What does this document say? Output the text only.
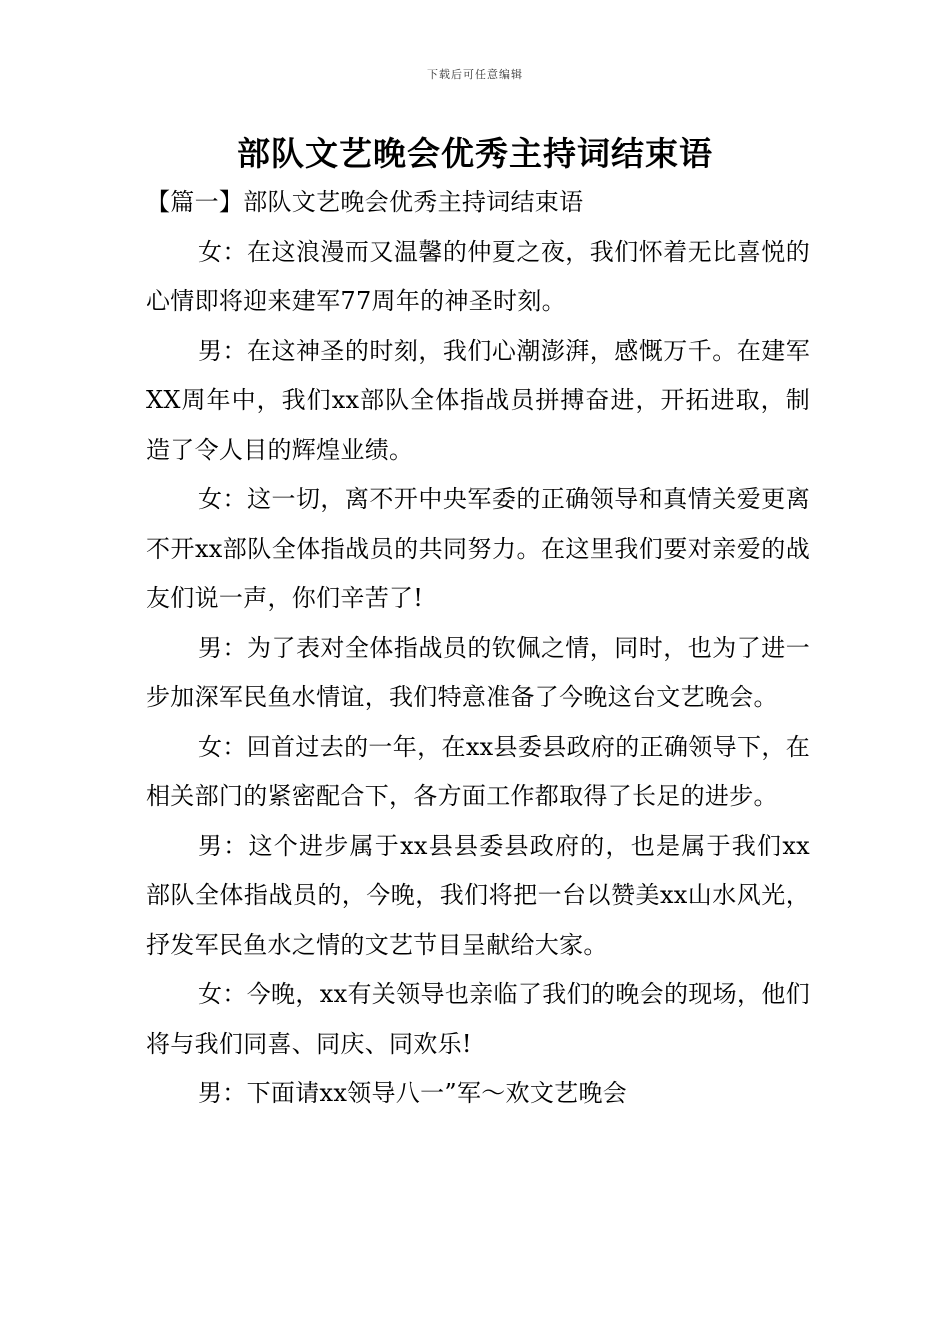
下载后可任意编辑
部队文艺晚会优秀主持词结束语

【篇一】部队文艺晚会优秀主持词结束语

女：在这浪漫而又温馨的仲夏之夜，我们怀着无比喜悦的心情即将迎来建军77周年的神圣时刻。

男：在这神圣的时刻，我们心潮澎湃，感慨万千。在建军XX周年中，我们xx部队全体指战员拼搏奋进，开拓进取，制造了令人目的辉煌业绩。

女：这一切，离不开中央军委的正确领导和真情关爱更离不开xx部队全体指战员的共同努力。在这里我们要对亲爱的战友们说一声，你们辛苦了!

男：为了表对全体指战员的钦佩之情，同时，也为了进一步加深军民鱼水情谊，我们特意准备了今晚这台文艺晚会。

女：回首过去的一年，在xx县委县政府的正确领导下，在相关部门的紧密配合下，各方面工作都取得了长足的进步。

男：这个进步属于xx县县委县政府的，也是属于我们xx部队全体指战员的，今晚，我们将把一台以赞美xx山水风光，抒发军民鱼水之情的文艺节目呈献给大家。

女：今晚，xx有关领导也亲临了我们的晚会的现场，他们将与我们同喜、同庆、同欢乐!

男：下面请xx领导八一”军～欢文艺晚会
